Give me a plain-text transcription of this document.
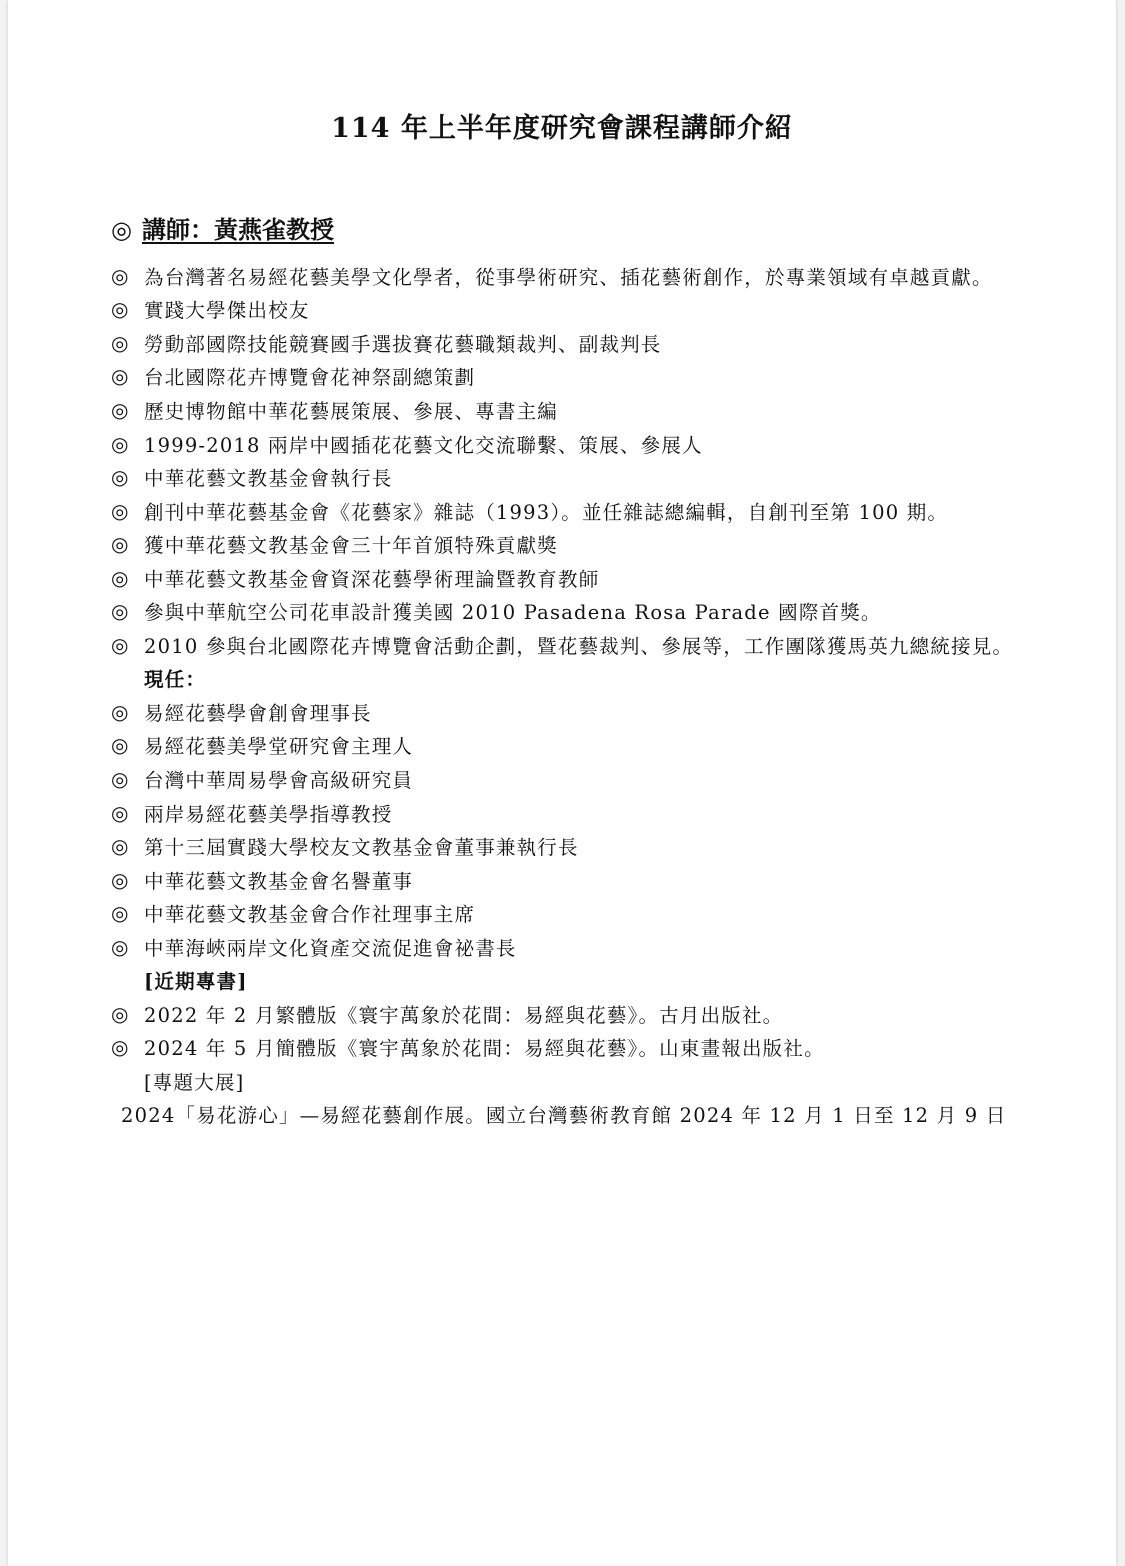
114 年上半年度研究會課程講師介紹
◎ 講師：黃燕雀教授
◎ 為台灣著名易經花藝美學文化學者，從事學術研究、插花藝術創作，於專業領域有卓越貢獻。
◎ 實踐大學傑出校友
◎ 勞動部國際技能競賽國手選拔賽花藝職類裁判、副裁判長
◎ 台北國際花卉博覽會花神祭副總策劃
◎ 歷史博物館中華花藝展策展、參展、專書主編
◎ 1999-2018 兩岸中國插花花藝文化交流聯繫、策展、參展人
◎ 中華花藝文教基金會執行長
◎ 創刊中華花藝基金會《花藝家》雜誌（1993）。並任雜誌總編輯，自創刊至第 100 期。
◎ 獲中華花藝文教基金會三十年首頒特殊貢獻獎
◎ 中華花藝文教基金會資深花藝學術理論暨教育教師
◎ 參與中華航空公司花車設計獲美國 2010 Pasadena Rosa Parade 國際首獎。
◎ 2010 參與台北國際花卉博覽會活動企劃，暨花藝裁判、參展等，工作團隊獲馬英九總統接見。
現任：
◎ 易經花藝學會創會理事長
◎ 易經花藝美學堂研究會主理人
◎ 台灣中華周易學會高級研究員
◎ 兩岸易經花藝美學指導教授
◎ 第十三屆實踐大學校友文教基金會董事兼執行長
◎ 中華花藝文教基金會名譽董事
◎ 中華花藝文教基金會合作社理事主席
◎ 中華海峽兩岸文化資產交流促進會祕書長
[近期專書]
◎ 2022 年 2 月繁體版《寰宇萬象於花間：易經與花藝》。古月出版社。
◎ 2024 年 5 月簡體版《寰宇萬象於花間：易經與花藝》。山東畫報出版社。
[專題大展]
2024「易花游心」—易經花藝創作展。國立台灣藝術教育館 2024 年 12 月 1 日至 12 月 9 日
